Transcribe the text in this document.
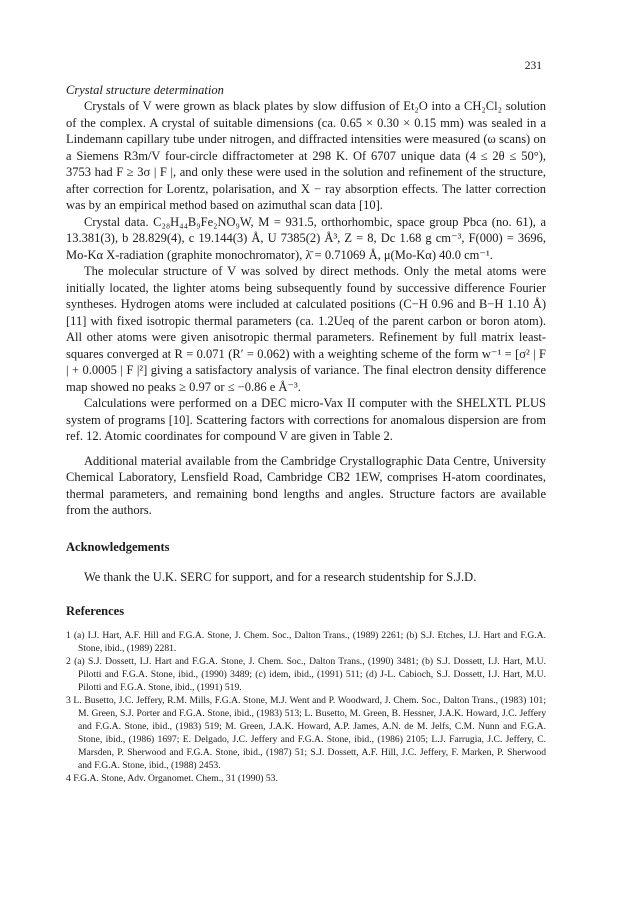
231

Crystal structure determination

Crystals of V were grown as black plates by slow diffusion of Et₂O into a CH₂Cl₂ solution of the complex. A crystal of suitable dimensions (ca. 0.65 × 0.30 × 0.15 mm) was sealed in a Lindemann capillary tube under nitrogen, and diffracted intensities were measured (ω scans) on a Siemens R3m/V four-circle diffractometer at 298 K. Of 6707 unique data (4 ≤ 2θ ≤ 50°), 3753 had F ≥ 3σ | F |, and only these were used in the solution and refinement of the structure, after correction for Lorentz, polarisation, and X − ray absorption effects. The latter correction was by an empirical method based on azimuthal scan data [10].

Crystal data. C₂₈H₄₄B₉Fe₂NO₉W, M = 931.5, orthorhombic, space group Pbca (no. 61), a 13.381(3), b 28.829(4), c 19.144(3) Å, U 7385(2) Å³, Z = 8, Dc 1.68 g cm⁻³, F(000) = 3696, Mo-Kα X-radiation (graphite monochromator), λ̄ = 0.71069 Å, μ(Mo-Kα) 40.0 cm⁻¹.

The molecular structure of V was solved by direct methods. Only the metal atoms were initially located, the lighter atoms being subsequently found by successive difference Fourier syntheses. Hydrogen atoms were included at calculated positions (C−H 0.96 and B−H 1.10 Å) [11] with fixed isotropic thermal parameters (ca. 1.2Ueq of the parent carbon or boron atom). All other atoms were given anisotropic thermal parameters. Refinement by full matrix least-squares converged at R = 0.071 (R′ = 0.062) with a weighting scheme of the form w⁻¹ = [σ² | F | + 0.0005 | F |²] giving a satisfactory analysis of variance. The final electron density difference map showed no peaks ≥ 0.97 or ≤ −0.86 e Å⁻³.

Calculations were performed on a DEC micro-Vax II computer with the SHELXTL PLUS system of programs [10]. Scattering factors with corrections for anomalous dispersion are from ref. 12. Atomic coordinates for compound V are given in Table 2.

Additional material available from the Cambridge Crystallographic Data Centre, University Chemical Laboratory, Lensfield Road, Cambridge CB2 1EW, comprises H-atom coordinates, thermal parameters, and remaining bond lengths and angles. Structure factors are available from the authors.

Acknowledgements

We thank the U.K. SERC for support, and for a research studentship for S.J.D.

References

1 (a) I.J. Hart, A.F. Hill and F.G.A. Stone, J. Chem. Soc., Dalton Trans., (1989) 2261; (b) S.J. Etches, I.J. Hart and F.G.A. Stone, ibid., (1989) 2281.
2 (a) S.J. Dossett, I.J. Hart and F.G.A. Stone, J. Chem. Soc., Dalton Trans., (1990) 3481; (b) S.J. Dossett, I.J. Hart, M.U. Pilotti and F.G.A. Stone, ibid., (1990) 3489; (c) idem, ibid., (1991) 511; (d) J-L. Cabioch, S.J. Dossett, I.J. Hart, M.U. Pilotti and F.G.A. Stone, ibid., (1991) 519.
3 L. Busetto, J.C. Jeffery, R.M. Mills, F.G.A. Stone, M.J. Went and P. Woodward, J. Chem. Soc., Dalton Trans., (1983) 101; M. Green, S.J. Porter and F.G.A. Stone, ibid., (1983) 513; L. Busetto, M. Green, B. Hessner, J.A.K. Howard, J.C. Jeffery and F.G.A. Stone, ibid., (1983) 519; M. Green, J.A.K. Howard, A.P. James, A.N. de M. Jelfs, C.M. Nunn and F.G.A. Stone, ibid., (1986) 1697; E. Delgado, J.C. Jeffery and F.G.A. Stone, ibid., (1986) 2105; L.J. Farrugia, J.C. Jeffery, C. Marsden, P. Sherwood and F.G.A. Stone, ibid., (1987) 51; S.J. Dossett, A.F. Hill, J.C. Jeffery, F. Marken, P. Sherwood and F.G.A. Stone, ibid., (1988) 2453.
4 F.G.A. Stone, Adv. Organomet. Chem., 31 (1990) 53.
